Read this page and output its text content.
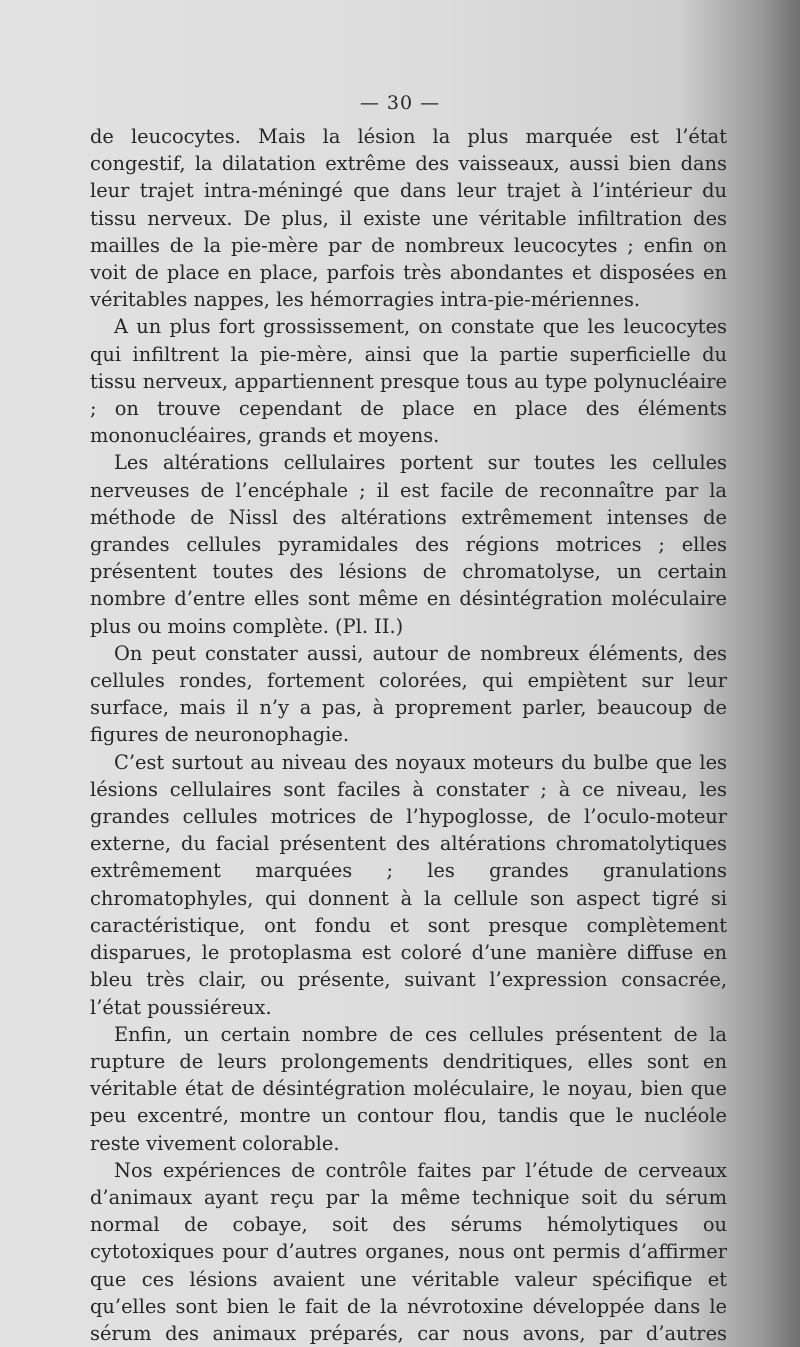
— 30 —

de leucocytes. Mais la lésion la plus marquée est l’état congestif, la dilatation extrême des vaisseaux, aussi bien dans leur trajet intra-méningé que dans leur trajet à l’intérieur du tissu nerveux. De plus, il existe une véritable infiltration des mailles de la pie-mère par de nombreux leucocytes ; enfin on voit de place en place, parfois très abondantes et disposées en véritables nappes, les hémorragies intra-pie-mériennes.

A un plus fort grossissement, on constate que les leucocytes qui infiltrent la pie-mère, ainsi que la partie superficielle du tissu nerveux, appartiennent presque tous au type polynucléaire ; on trouve cependant de place en place des éléments mononucléaires, grands et moyens.

Les altérations cellulaires portent sur toutes les cellules nerveuses de l’encéphale ; il est facile de reconnaître par la méthode de Nissl des altérations extrêmement intenses de grandes cellules pyramidales des régions motrices ; elles présentent toutes des lésions de chromatolyse, un certain nombre d’entre elles sont même en désintégration moléculaire plus ou moins complète. (Pl. II.)

On peut constater aussi, autour de nombreux éléments, des cellules rondes, fortement colorées, qui empiètent sur leur surface, mais il n’y a pas, à proprement parler, beaucoup de figures de neuronophagie.

C’est surtout au niveau des noyaux moteurs du bulbe que les lésions cellulaires sont faciles à constater ; à ce niveau, les grandes cellules motrices de l’hypoglosse, de l’oculo-moteur externe, du facial présentent des altérations chromatolytiques extrêmement marquées ; les grandes granulations chromatophyles, qui donnent à la cellule son aspect tigré si caractéristique, ont fondu et sont presque complètement disparues, le protoplasma est coloré d’une manière diffuse en bleu très clair, ou présente, suivant l’expression consacrée, l’état poussiéreux.

Enfin, un certain nombre de ces cellules présentent de la rupture de leurs prolongements dendritiques, elles sont en véritable état de désintégration moléculaire, le noyau, bien que peu excentré, montre un contour flou, tandis que le nucléole reste vivement colorable.

Nos expériences de contrôle faites par l’étude de cerveaux d’animaux ayant reçu par la même technique soit du sérum normal de cobaye, soit des sérums hémolytiques ou cytotoxiques pour d’autres organes, nous ont permis d’affirmer que ces lésions avaient une véritable valeur spécifique et qu’elles sont bien le fait de la névrotoxine développée dans le sérum des animaux préparés, car nous avons, par d’autres
